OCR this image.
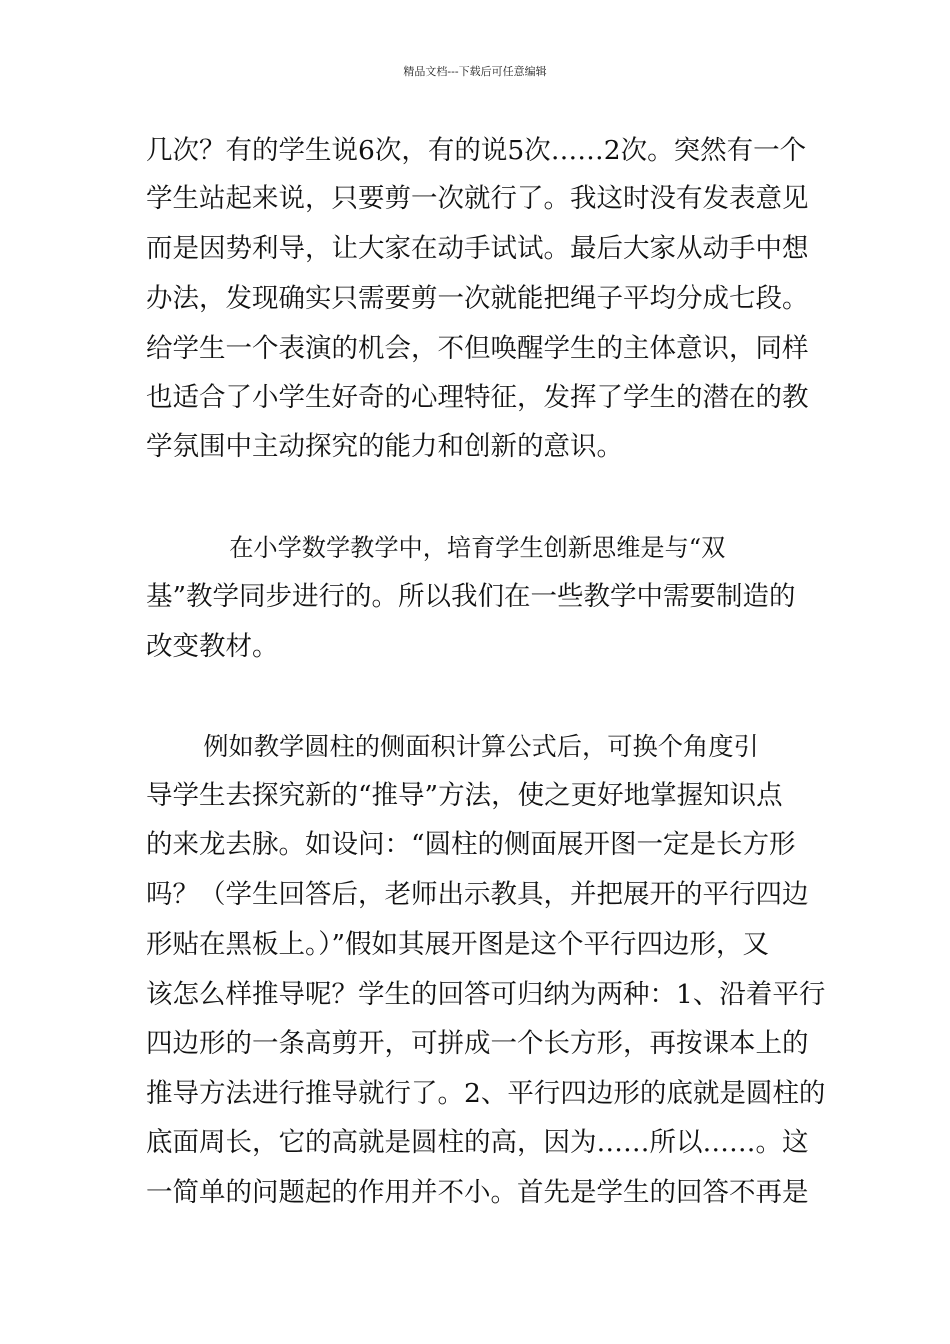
精品文档---下载后可任意编辑
几次？有的学生说6次，有的说5次……2次。突然有一个
学生站起来说，只要剪一次就行了。我这时没有发表意见
而是因势利导，让大家在动手试试。最后大家从动手中想
办法，发现确实只需要剪一次就能把绳子平均分成七段。
给学生一个表演的机会，不但唤醒学生的主体意识，同样
也适合了小学生好奇的心理特征，发挥了学生的潜在的教
学氛围中主动探究的能力和创新的意识。
　在小学数学教学中，培育学生创新思维是与“双
基”教学同步进行的。所以我们在一些教学中需要制造的
改变教材。
　例如教学圆柱的侧面积计算公式后，可换个角度引
导学生去探究新的“推导”方法，使之更好地掌握知识点
的来龙去脉。如设问：“圆柱的侧面展开图一定是长方形
吗？（学生回答后，老师出示教具，并把展开的平行四边
形贴在黑板上。）”假如其展开图是这个平行四边形，又
该怎么样推导呢？学生的回答可归纳为两种：1、沿着平行
四边形的一条高剪开，可拼成一个长方形，再按课本上的
推导方法进行推导就行了。2、平行四边形的底就是圆柱的
底面周长，它的高就是圆柱的高，因为……所以……。这
一简单的问题起的作用并不小。首先是学生的回答不再是
